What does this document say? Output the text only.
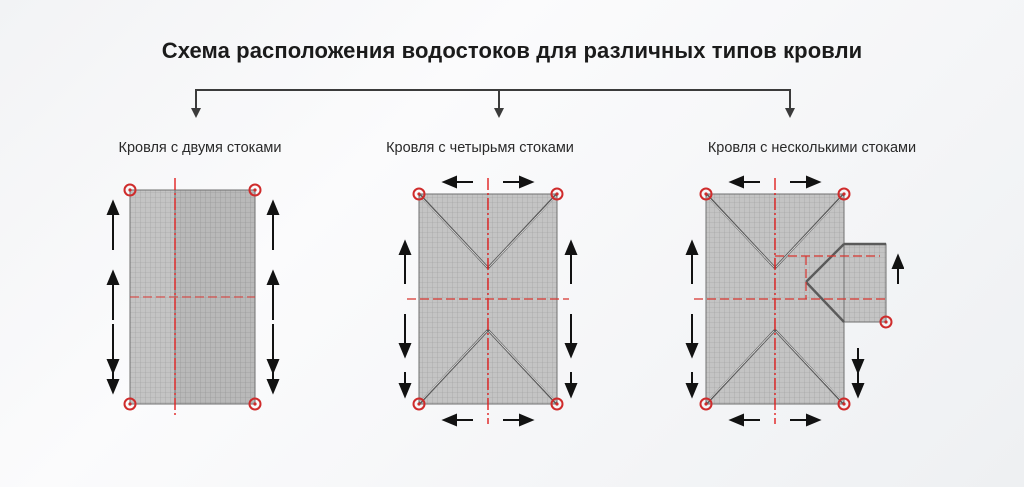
Схема расположения водостоков для различных типов кровли
Кровля с двумя стоками	Кровля с четырьмя стоками	Кровля с несколькими стоками
